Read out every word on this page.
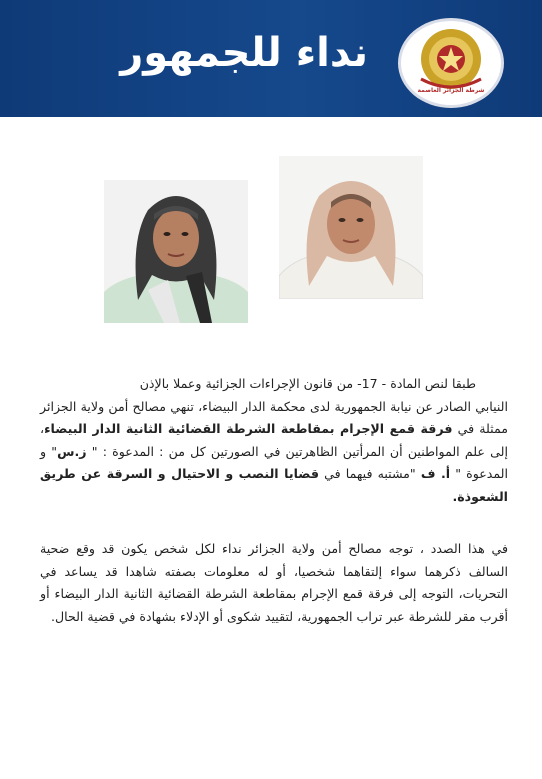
نداء للجمهور
شرطة الجزائر العاصمة
طبقا لنص المادة - 17- من قانون الإجراءات الجزائية وعملا بالإذن
النيابي الصادر عن نيابة الجمهورية لدى محكمة الدار البيضاء، تنهي مصالح أمن ولاية الجزائر ممثلة في فرقة قمع الإجرام بمقاطعة الشرطة القضائية الثانية الدار البيضاء، إلى علم المواطنين أن المرأتين الظاهرتين في الصورتين كل من : المدعوة : " ز.س" و المدعوة " أ. ف "مشتبه فيهما في قضايا النصب و الاحتيال و السرقة عن طريق الشعوذة.
في هذا الصدد ، توجه مصالح أمن ولاية الجزائر نداء لكل شخص يكون قد وقع ضحية السالف ذكرهما سواء إلتقاهما شخصيا، أو له معلومات بصفته شاهدا قد يساعد في التحريات، التوجه إلى فرقة قمع الإجرام بمقاطعة الشرطة القضائية الثانية الدار البيضاء أو أقرب مقر للشرطة عبر تراب الجمهورية، لتقييد شكوى أو الإدلاء بشهادة في قضية الحال.
